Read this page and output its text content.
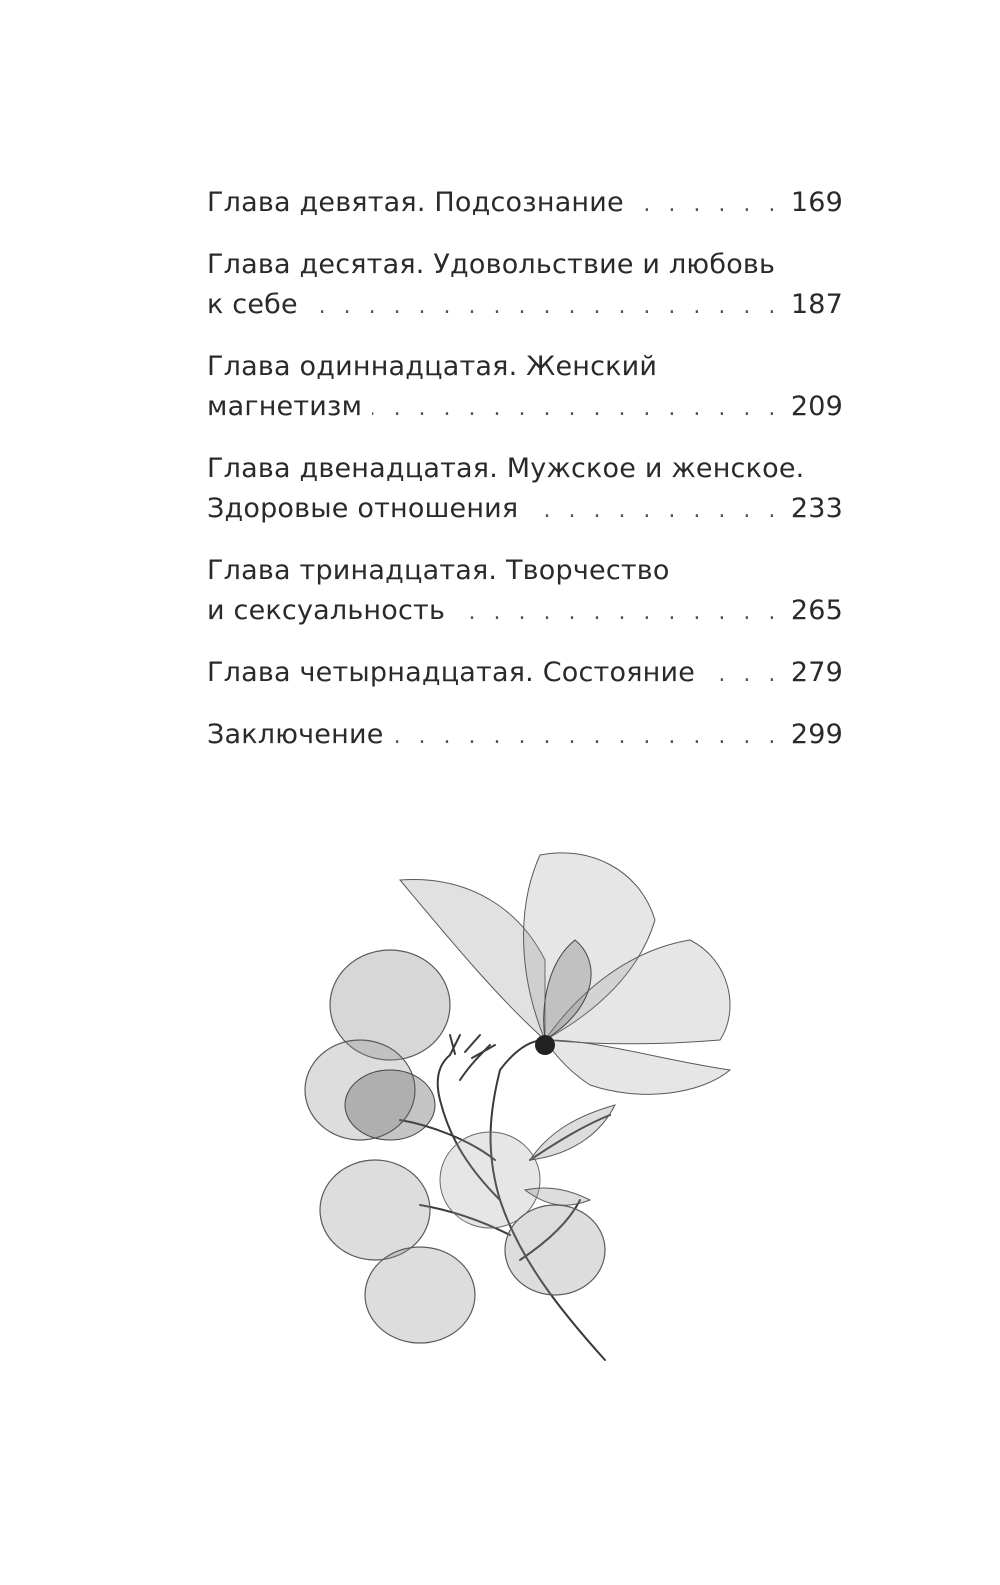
Глава девятая. Подсознание . . .	169
Глава десятая. Удовольствие и любовь
к себе . . .	187
Глава одиннадцатая. Женский
магнетизм . . .	209
Глава двенадцатая. Мужское и женское.
Здоровые отношения . . .	233
Глава тринадцатая. Творчество
и сексуальность . . .	265
Глава четырнадцатая. Состояние . . .	279
Заключение . . .	299
